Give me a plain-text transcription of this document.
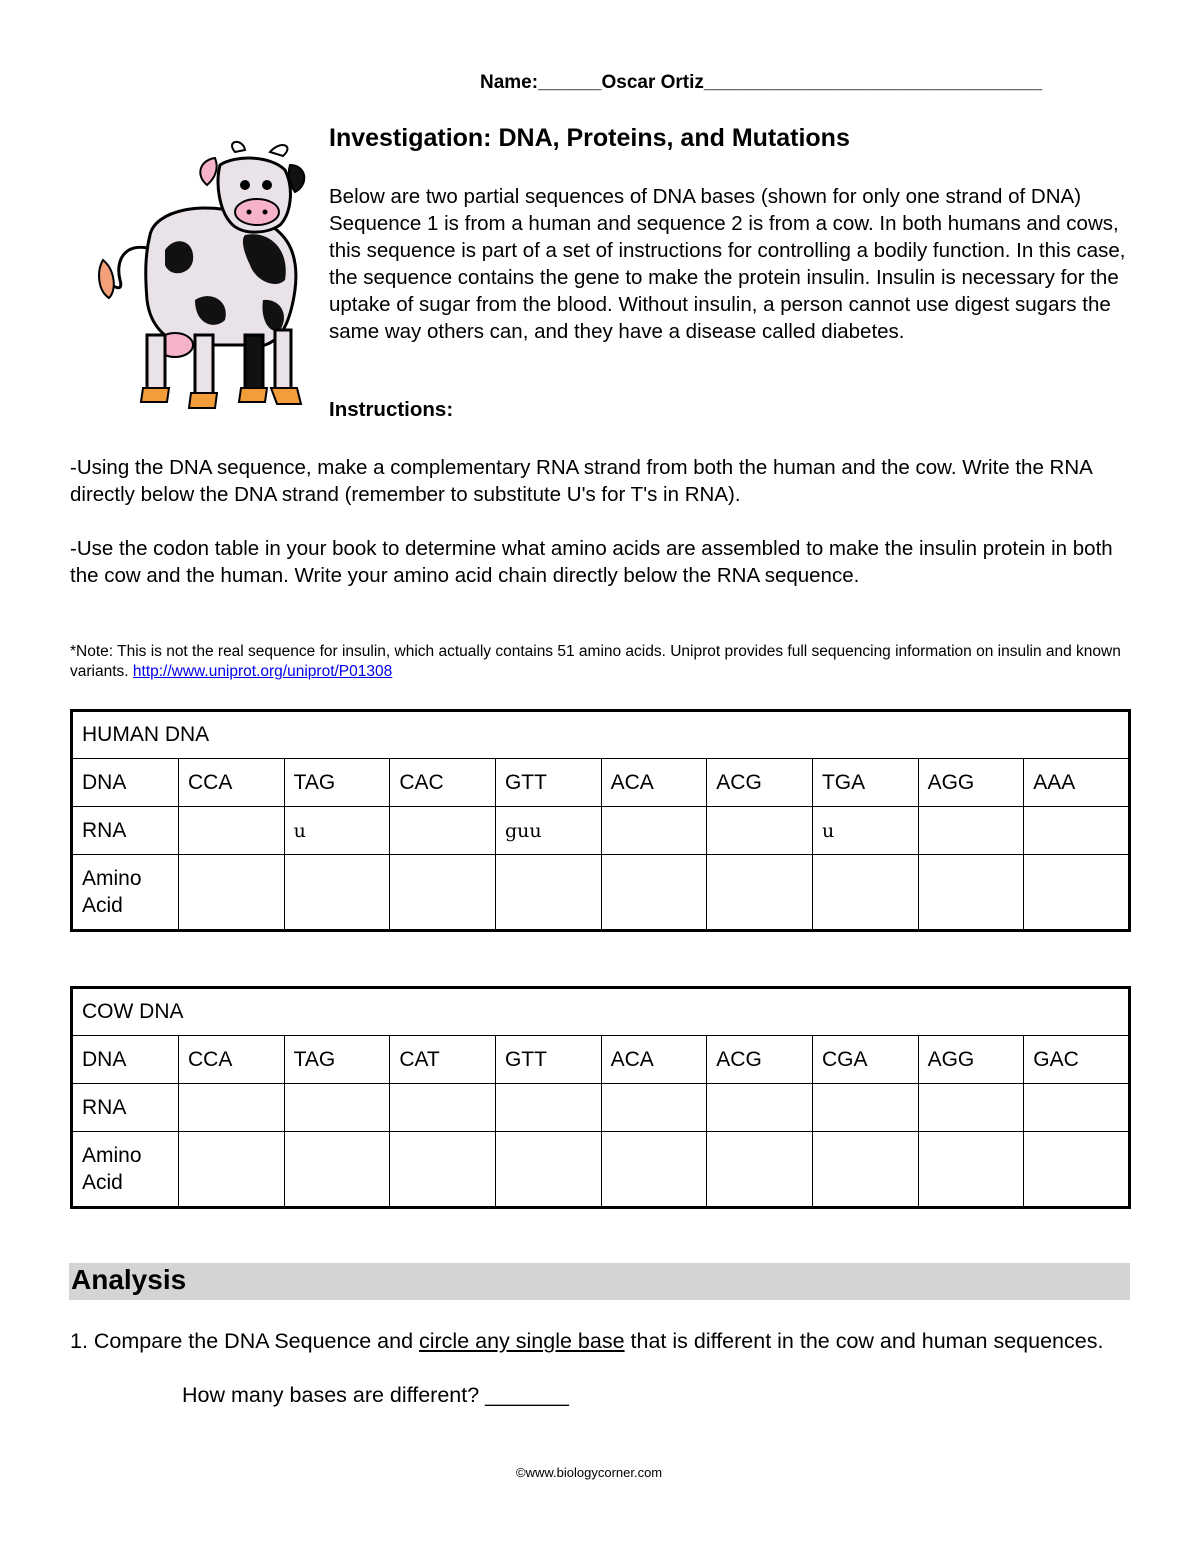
Name:______Oscar Ortiz________________________________
Investigation: DNA, Proteins, and Mutations
Below are two partial sequences of DNA bases (shown for only one strand of DNA) Sequence 1 is from a human and sequence 2 is from a cow. In both humans and cows, this sequence is part of a set of instructions for controlling a bodily function. In this case, the sequence contains the gene to make the protein insulin. Insulin is necessary for the uptake of sugar from the blood. Without insulin, a person cannot use digest sugars the same way others can, and they have a disease called diabetes.
Instructions:
-Using the DNA sequence, make a complementary RNA strand from both the human and the cow. Write the RNA directly below the DNA strand (remember to substitute U's for T's in RNA).
-Use the codon table in your book to determine what amino acids are assembled to make the insulin protein in both the cow and the human. Write your amino acid chain directly below the RNA sequence.
*Note: This is not the real sequence for insulin, which actually contains 51 amino acids. Uniprot provides full sequencing information on insulin and known variants. http://www.uniprot.org/uniprot/P01308
HUMAN DNA									
DNA	CCA	TAG	CAC	GTT	ACA	ACG	TGA	AGG	AAA
RNA		u		guu			u		
Amino Acid									
COW DNA									
DNA	CCA	TAG	CAT	GTT	ACA	ACG	CGA	AGG	GAC
RNA									
Amino Acid									
Analysis
1. Compare the DNA Sequence and circle any single base that is different in the cow and human sequences.
How many bases are different? _______
©www.biologycorner.com
